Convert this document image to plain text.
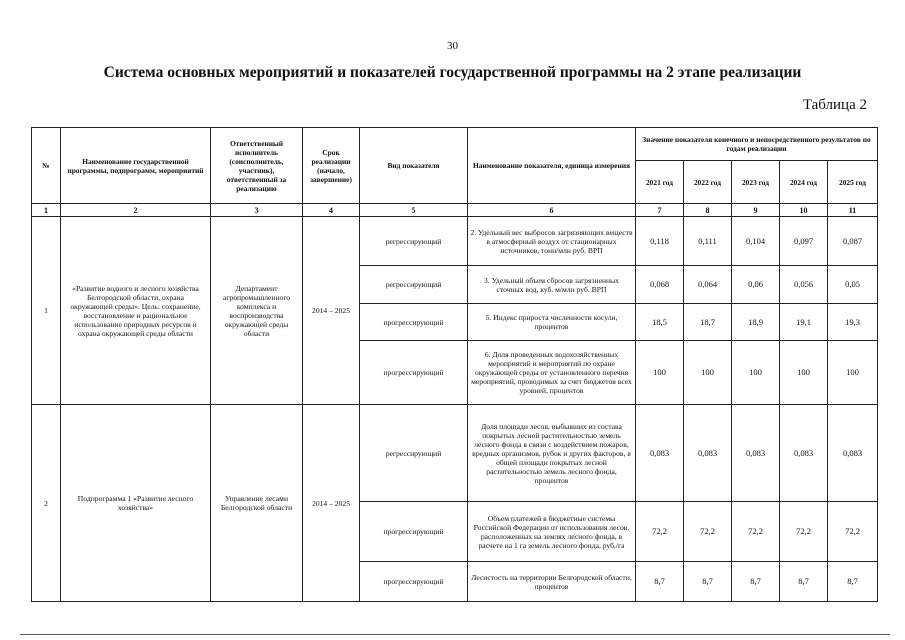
30
Система основных мероприятий и показателей государственной программы на 2 этапе реализации
Таблица 2
№	Наименование государственной программы, подпрограмм, мероприятий	Ответственный исполнитель (соисполнитель, участник), ответственный за реализацию	Срок реализации (начало, завершение)	Вид показателя	Наименование показателя, единица измерения	Значение показателя конечного и непосредственного результатов по годам реализации				
						2021 год	2022 год	2023 год	2024 год	2025 год
1	2	3	4	5	6	7	8	9	10	11
1	«Развитие водного и лесного хозяйства Белгородской области, охрана окружающей среды». Цель: сохранение, восстановление и рациональное использование природных ресурсов и охрана окружающей среды области	Департамент агропромышленного комплекса и воспроизводства окружающей среды области	2014 – 2025	регрессирующий	2. Удельный вес выбросов загрязняющих веществ в атмосферный воздух от стационарных источников, тонн/млн руб. ВРП	0,118	0,111	0,104	0,097	0,087
				регрессирующий	3. Удельный объем сбросов загрязненных сточных вод, куб. м/млн руб. ВРП	0,068	0,064	0,06	0,056	0,05
				прогрессирующий	5. Индекс прироста численности косули, процентов	18,5	18,7	18,9	19,1	19,3
				прогрессирующий	6. Доля проведенных водохозяйственных мероприятий и мероприятий по охране окружающей среды от установленного перечня мероприятий, проводимых за счет бюджетов всех уровней, процентов	100	100	100	100	100
2	Подпрограмма 1 «Развитие лесного хозяйства»	Управление лесами Белгородской области	2014 – 2025	регрессирующий	Доля площади лесов, выбывших из состава покрытых лесной растительностью земель лесного фонда в связи с воздействием пожаров, вредных организмов, рубок и других факторов, в общей площади покрытых лесной растительностью земель лесного фонда, процентов	0,083	0,083	0,083	0,083	0,083
				прогрессирующий	Объем платежей в бюджетные системы Российской Федерации от использования лесов, расположенных на землях лесного фонда, в расчете на 1 га земель лесного фонда, руб./га	72,2	72,2	72,2	72,2	72,2
				прогрессирующий	Лесистость на территории Белгородской области, процентов	8,7	8,7	8,7	8,7	8,7
